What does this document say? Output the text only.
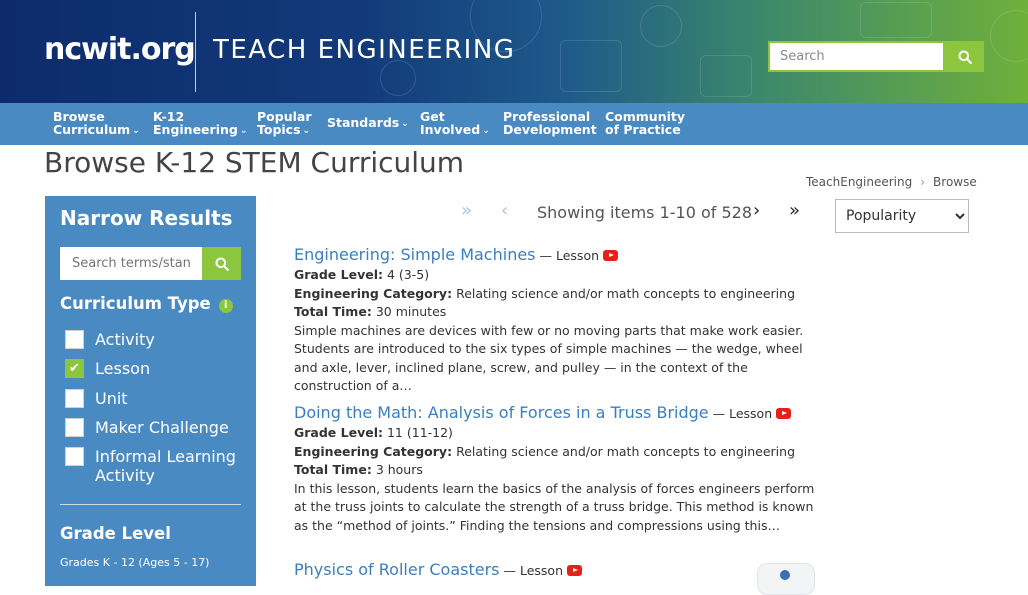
ncwit.org TEACH ENGINEERING
Search
Browse
Curriculum ⌄
K-12
Engineering ⌄
Popular
Topics ⌄
Standards ⌄ Get
Involved ⌄
Professional
Development
Community
of Practice
Browse K-12 STEM Curriculum
TeachEngineering › Browse
Narrow Results
Search terms/standards
Curriculum Type i
Activity
✔ Lesson
Unit
Maker Challenge
Informal Learning Activity
Grade Level
Grades K - 12 (Ages 5 - 17)
» ‹ Showing items 1-10 of 528 › »
Popularity
Engineering: Simple Machines — Lesson
Grade Level: 4 (3-5)
Engineering Category: Relating science and/or math concepts to engineering
Total Time: 30 minutes
Simple machines are devices with few or no moving parts that make work easier. Students are introduced to the six types of simple machines — the wedge, wheel and axle, lever, inclined plane, screw, and pulley — in the context of the construction of a…
Doing the Math: Analysis of Forces in a Truss Bridge — Lesson
Grade Level: 11 (11-12)
Engineering Category: Relating science and/or math concepts to engineering
Total Time: 3 hours
In this lesson, students learn the basics of the analysis of forces engineers perform at the truss joints to calculate the strength of a truss bridge. This method is known as the “method of joints.” Finding the tensions and compressions using this…
Physics of Roller Coasters — Lesson
